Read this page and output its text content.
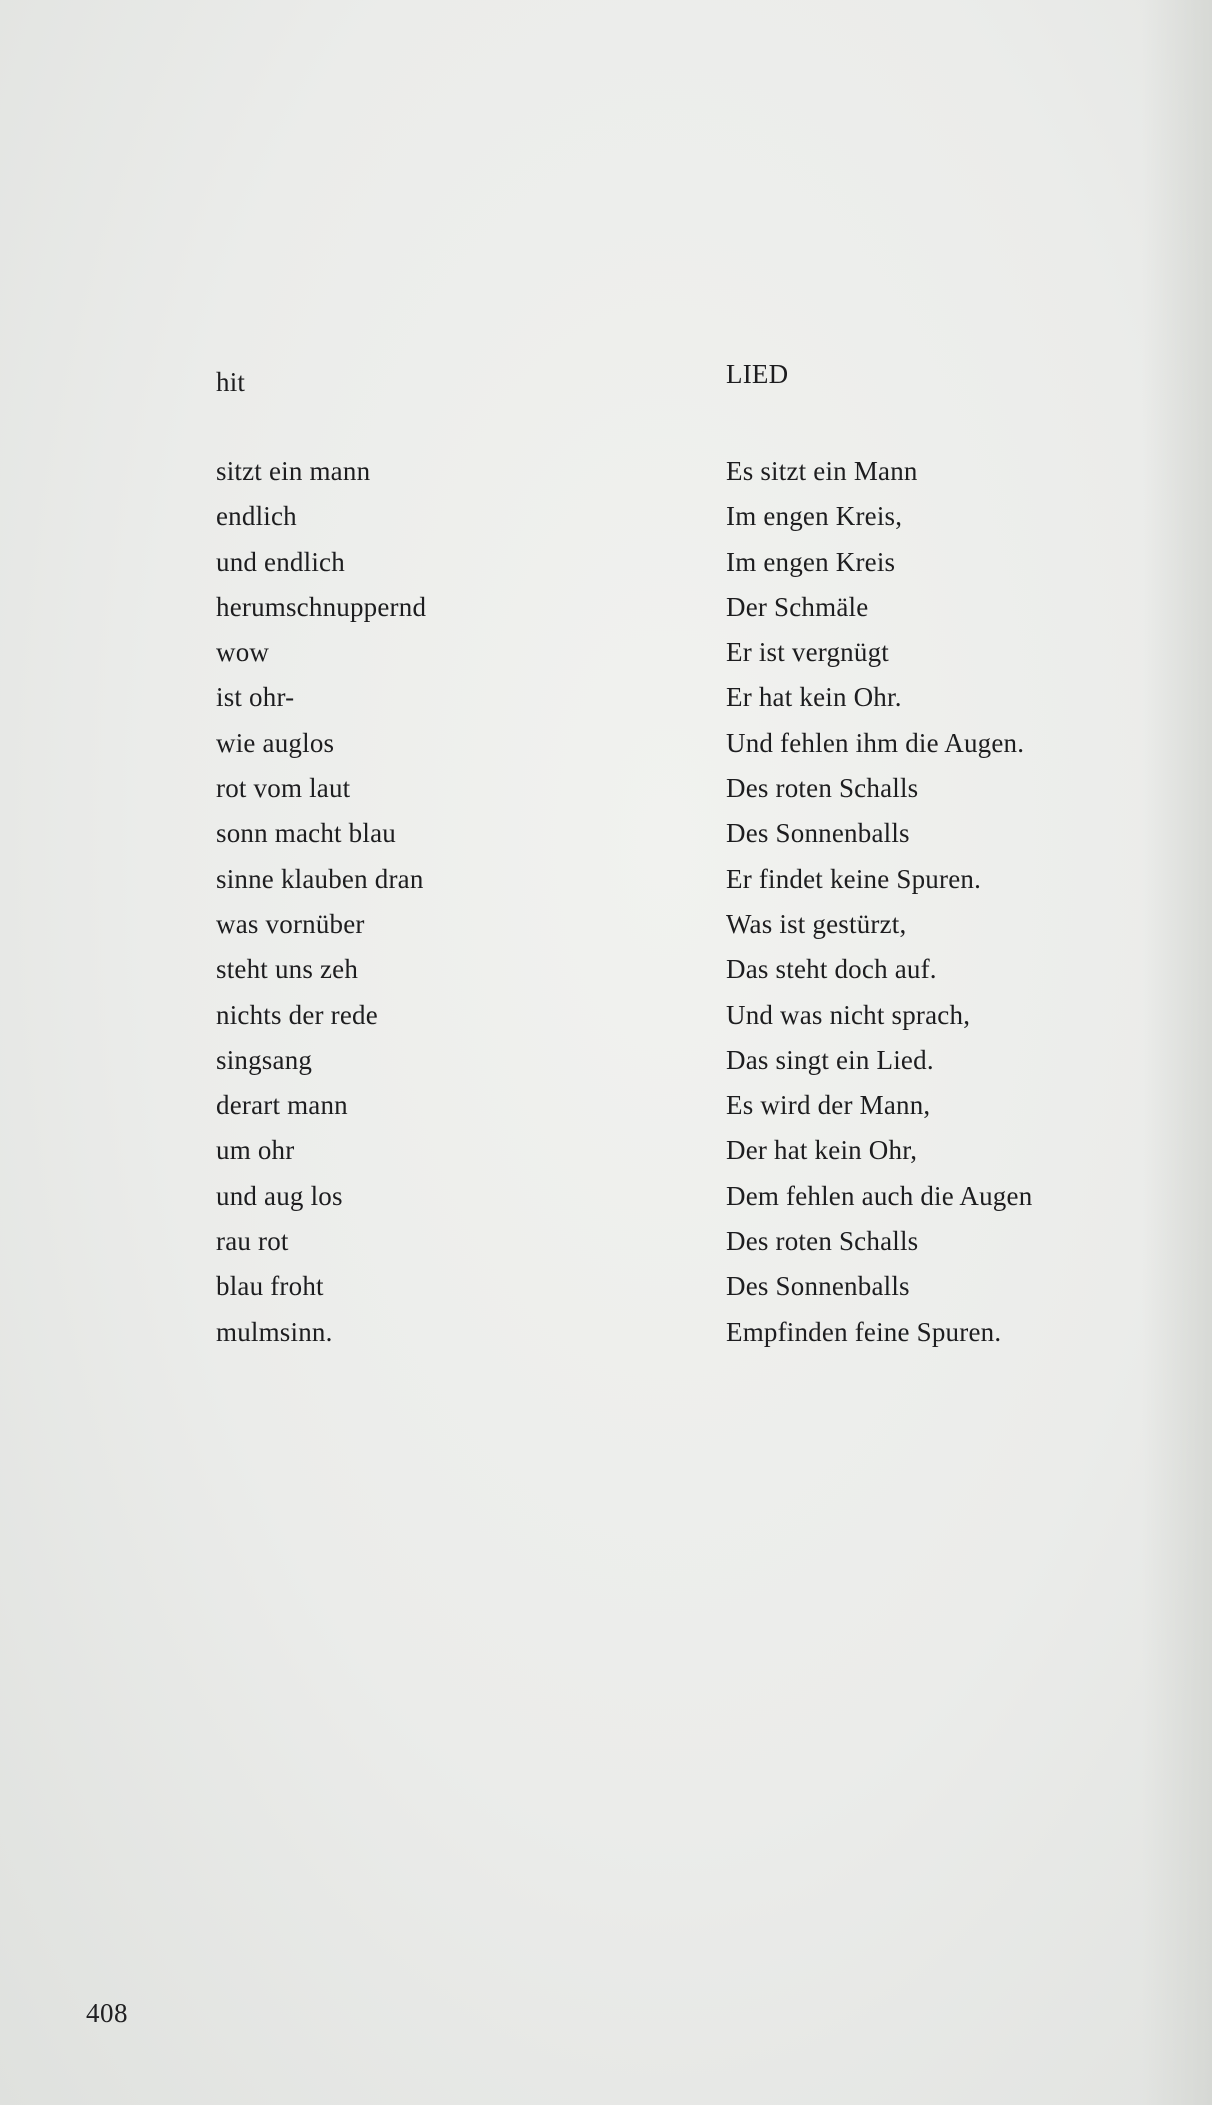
hit
sitzt ein mann
endlich
und endlich
herumschnuppernd
wow
ist ohr-
wie auglos
rot vom laut
sonn macht blau
sinne klauben dran
was vornüber
steht uns zeh
nichts der rede
singsang
derart mann
um ohr
und aug los
rau rot
blau froht
mulmsinn.
LIED
Es sitzt ein Mann
Im engen Kreis,
Im engen Kreis
Der Schmäle
Er ist vergnügt
Er hat kein Ohr.
Und fehlen ihm die Augen.
Des roten Schalls
Des Sonnenballs
Er findet keine Spuren.
Was ist gestürzt,
Das steht doch auf.
Und was nicht sprach,
Das singt ein Lied.
Es wird der Mann,
Der hat kein Ohr,
Dem fehlen auch die Augen
Des roten Schalls
Des Sonnenballs
Empfinden feine Spuren.
408
